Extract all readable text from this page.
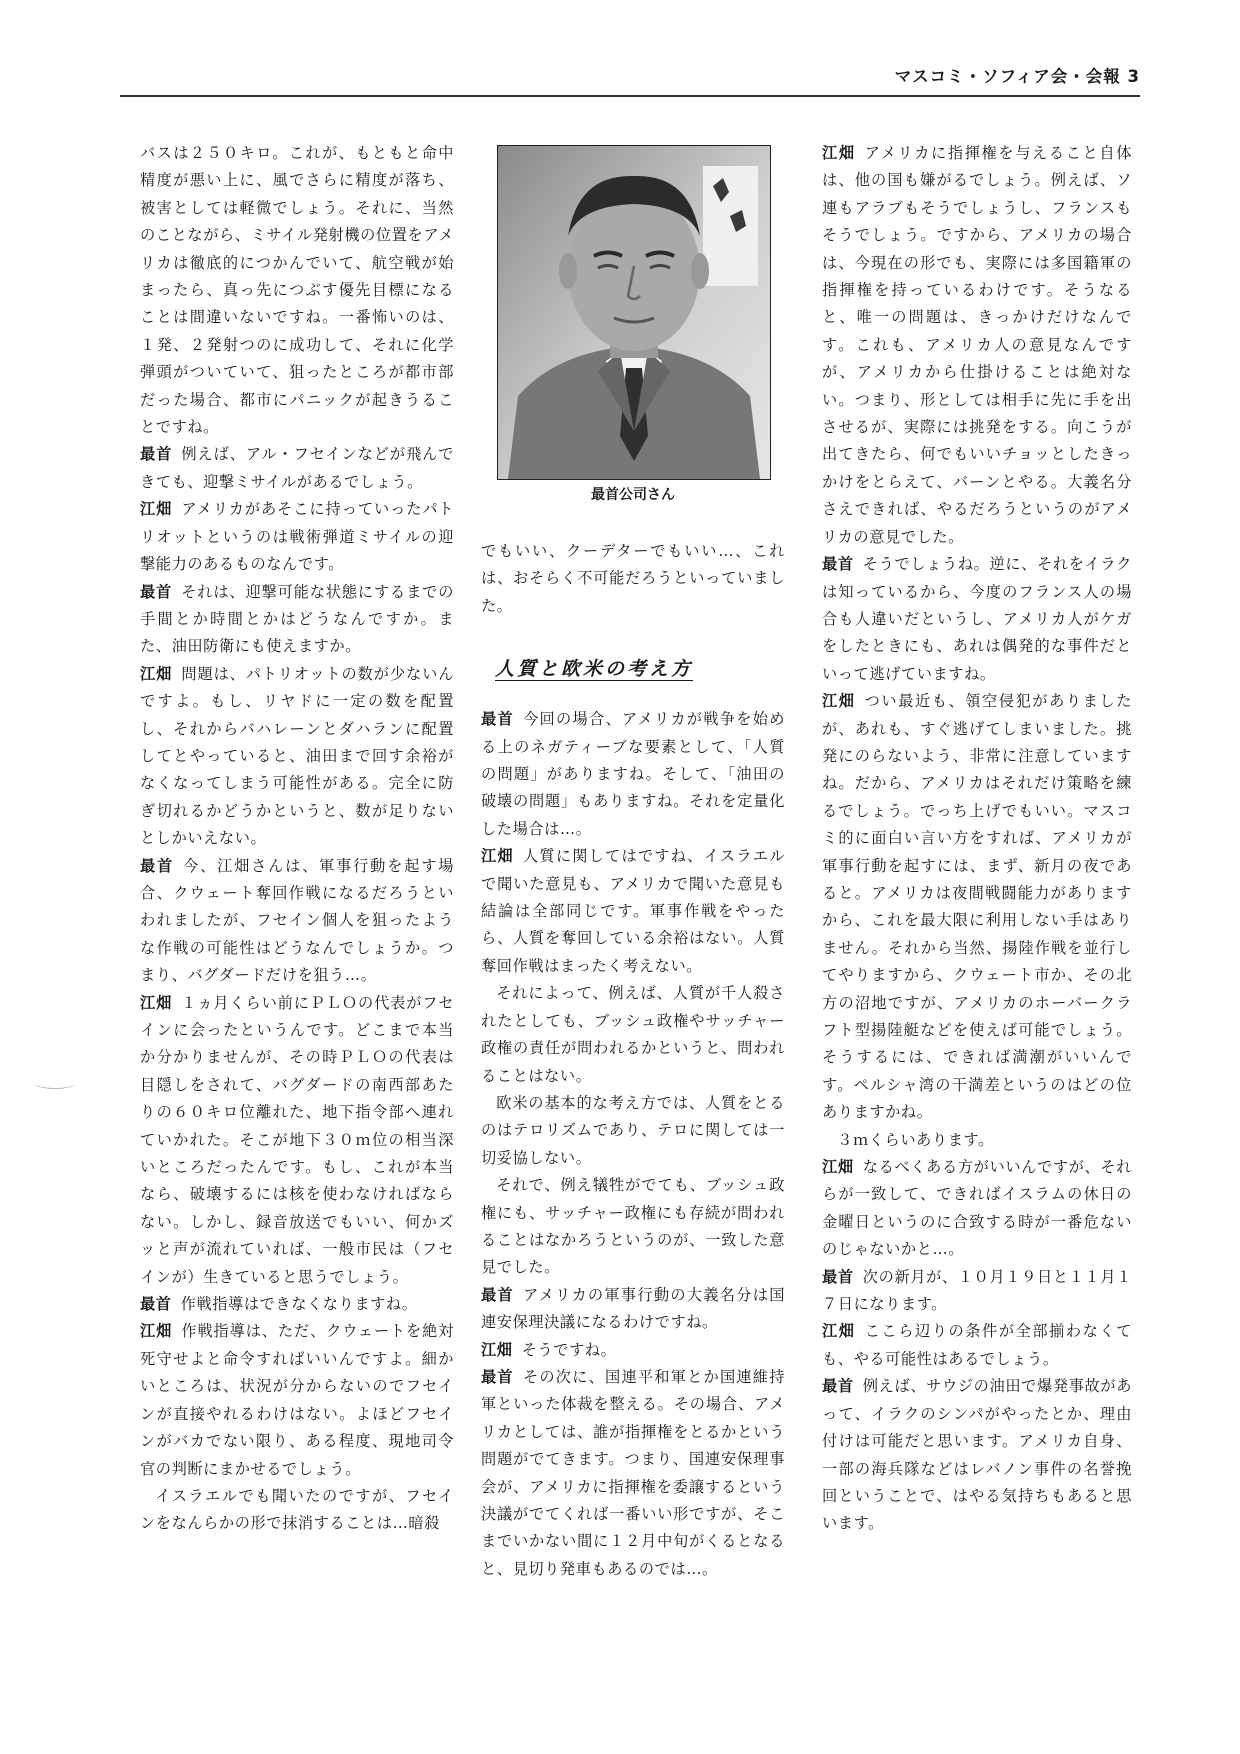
マスコミ・ソフィア会・会報 3

バスは２５０キロ。これが、もともと命中精度が悪い上に、風でさらに精度が落ち、被害としては軽微でしょう。それに、当然のことながら、ミサイル発射機の位置をアメリカは徹底的につかんでいて、航空戦が始まったら、真っ先につぶす優先目標になることは間違いないですね。一番怖いのは、１発、２発射つのに成功して、それに化学弾頭がついていて、狙ったところが都市部だった場合、都市にパニックが起きうることですね。

最首 例えば、アル・フセインなどが飛んできても、迎撃ミサイルがあるでしょう。

江畑 アメリカがあそこに持っていったパトリオットというのは戦術弾道ミサイルの迎撃能力のあるものなんです。

最首 それは、迎撃可能な状態にするまでの手間とか時間とかはどうなんですか。また、油田防衛にも使えますか。

江畑 問題は、パトリオットの数が少ないんですよ。もし、リヤドに一定の数を配置し、それからバハレーンとダハランに配置してとやっていると、油田まで回す余裕がなくなってしまう可能性がある。完全に防ぎ切れるかどうかというと、数が足りないとしかいえない。

最首 今、江畑さんは、軍事行動を起す場合、クウェート奪回作戦になるだろうといわれましたが、フセイン個人を狙ったような作戦の可能性はどうなんでしょうか。つまり、バグダードだけを狙う…。

江畑 １ヵ月くらい前にＰＬＯの代表がフセインに会ったというんです。どこまで本当か分かりませんが、その時ＰＬＯの代表は目隠しをされて、バグダードの南西部あたりの６０キロ位離れた、地下指令部へ連れていかれた。そこが地下３０ｍ位の相当深いところだったんです。もし、これが本当なら、破壊するには核を使わなければならない。しかし、録音放送でもいい、何かズッと声が流れていれば、一般市民は（フセインが）生きていると思うでしょう。

最首 作戦指導はできなくなりますね。

江畑 作戦指導は、ただ、クウェートを絶対死守せよと命令すればいいんですよ。細かいところは、状況が分からないのでフセインが直接やれるわけはない。よほどフセインがバカでない限り、ある程度、現地司令官の判断にまかせるでしょう。

イスラエルでも聞いたのですが、フセインをなんらかの形で抹消することは…暗殺

最首公司さん

でもいい、クーデターでもいい…、これは、おそらく不可能だろうといっていました。

人質と欧米の考え方

最首 今回の場合、アメリカが戦争を始める上のネガティーブな要素として、「人質の問題」がありますね。そして、「油田の破壊の問題」もありますね。それを定量化した場合は…。

江畑 人質に関してはですね、イスラエルで聞いた意見も、アメリカで聞いた意見も結論は全部同じです。軍事作戦をやったら、人質を奪回している余裕はない。人質奪回作戦はまったく考えない。

それによって、例えば、人質が千人殺されたとしても、ブッシュ政権やサッチャー政権の責任が問われるかというと、問われることはない。

欧米の基本的な考え方では、人質をとるのはテロリズムであり、テロに関しては一切妥協しない。

それで、例え犠牲がでても、ブッシュ政権にも、サッチャー政権にも存続が問われることはなかろうというのが、一致した意見でした。

最首 アメリカの軍事行動の大義名分は国連安保理決議になるわけですね。

江畑 そうですね。

最首 その次に、国連平和軍とか国連維持軍といった体裁を整える。その場合、アメリカとしては、誰が指揮権をとるかという問題がでてきます。つまり、国連安保理事会が、アメリカに指揮権を委譲するという決議がでてくれば一番いい形ですが、そこまでいかない間に１２月中旬がくるとなると、見切り発車もあるのでは…。

江畑 アメリカに指揮権を与えること自体は、他の国も嫌がるでしょう。例えば、ソ連もアラブもそうでしょうし、フランスもそうでしょう。ですから、アメリカの場合は、今現在の形でも、実際には多国籍軍の指揮権を持っているわけです。そうなると、唯一の問題は、きっかけだけなんです。これも、アメリカ人の意見なんですが、アメリカから仕掛けることは絶対ない。つまり、形としては相手に先に手を出させるが、実際には挑発をする。向こうが出てきたら、何でもいいチョッとしたきっかけをとらえて、バーンとやる。大義名分さえできれば、やるだろうというのがアメリカの意見でした。

最首 そうでしょうね。逆に、それをイラクは知っているから、今度のフランス人の場合も人違いだというし、アメリカ人がケガをしたときにも、あれは偶発的な事件だといって逃げていますね。

江畑 つい最近も、領空侵犯がありましたが、あれも、すぐ逃げてしまいました。挑発にのらないよう、非常に注意していますね。だから、アメリカはそれだけ策略を練るでしょう。でっち上げでもいい。マスコミ的に面白い言い方をすれば、アメリカが軍事行動を起すには、まず、新月の夜であると。アメリカは夜間戦闘能力がありますから、これを最大限に利用しない手はありません。それから当然、揚陸作戦を並行してやりますから、クウェート市か、その北方の沼地ですが、アメリカのホーバークラフト型揚陸艇などを使えば可能でしょう。そうするには、できれば満潮がいいんです。ペルシャ湾の干満差というのはどの位ありますかね。

３ｍくらいあります。

江畑 なるべくある方がいいんですが、それらが一致して、できればイスラムの休日の金曜日というのに合致する時が一番危ないのじゃないかと…。

最首 次の新月が、１０月１９日と１１月１７日になります。

江畑 ここら辺りの条件が全部揃わなくても、やる可能性はあるでしょう。

最首 例えば、サウジの油田で爆発事故があって、イラクのシンパがやったとか、理由付けは可能だと思います。アメリカ自身、一部の海兵隊などはレバノン事件の名誉挽回ということで、はやる気持ちもあると思います。
